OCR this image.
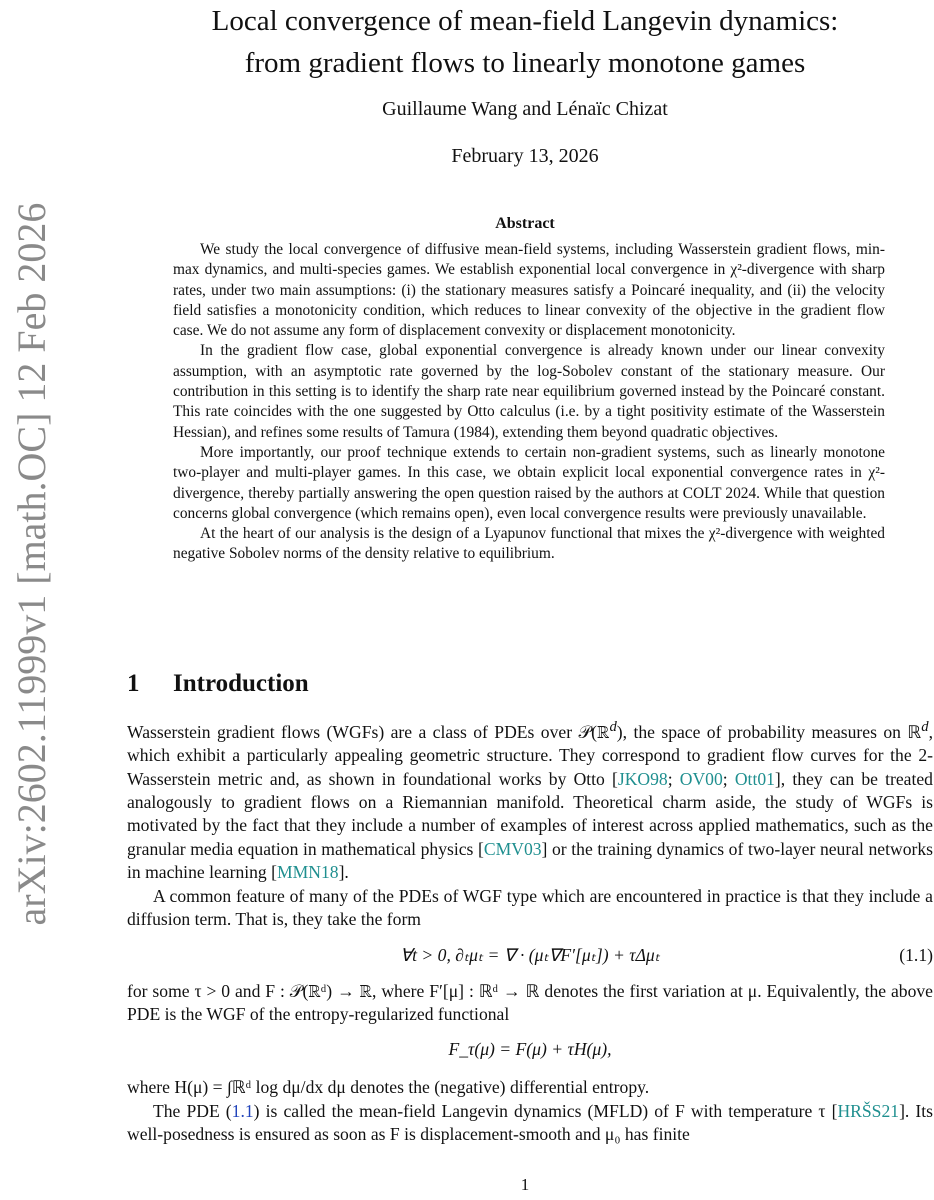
arXiv:2602.11999v1 [math.OC] 12 Feb 2026
Local convergence of mean-field Langevin dynamics:
from gradient flows to linearly monotone games
Guillaume Wang and Lénaïc Chizat
February 13, 2026
Abstract

We study the local convergence of diffusive mean-field systems, including Wasserstein gradient flows, min-max dynamics, and multi-species games. We establish exponential local convergence in χ²-divergence with sharp rates, under two main assumptions: (i) the stationary measures satisfy a Poincaré inequality, and (ii) the velocity field satisfies a monotonicity condition, which reduces to linear convexity of the objective in the gradient flow case. We do not assume any form of displacement convexity or displacement monotonicity.

In the gradient flow case, global exponential convergence is already known under our linear convexity assumption, with an asymptotic rate governed by the log-Sobolev constant of the stationary measure. Our contribution in this setting is to identify the sharp rate near equilibrium governed instead by the Poincaré constant. This rate coincides with the one suggested by Otto calculus (i.e. by a tight positivity estimate of the Wasserstein Hessian), and refines some results of Tamura (1984), extending them beyond quadratic objectives.

More importantly, our proof technique extends to certain non-gradient systems, such as linearly monotone two-player and multi-player games. In this case, we obtain explicit local exponential convergence rates in χ²-divergence, thereby partially answering the open question raised by the authors at COLT 2024. While that question concerns global convergence (which remains open), even local convergence results were previously unavailable.

At the heart of our analysis is the design of a Lyapunov functional that mixes the χ²-divergence with weighted negative Sobolev norms of the density relative to equilibrium.

1 Introduction

Wasserstein gradient flows (WGFs) are a class of PDEs over 𝒫(ℝ$^d$), the space of probability measures on ℝ$^d$, which exhibit a particularly appealing geometric structure. They correspond to gradient flow curves for the 2-Wasserstein metric and, as shown in foundational works by Otto [JKO98; OV00; Ott01], they can be treated analogously to gradient flows on a Riemannian manifold. Theoretical charm aside, the study of WGFs is motivated by the fact that they include a number of examples of interest across applied mathematics, such as the granular media equation in mathematical physics [CMV03] or the training dynamics of two-layer neural networks in machine learning [MMN18].

A common feature of many of the PDEs of WGF type which are encountered in practice is that they include a diffusion term. That is, they take the form

∀t > 0, ∂ₜμₜ = ∇ · (μₜ∇F′[μₜ]) + τΔμₜ	(1.1)

for some τ > 0 and F : 𝒫(ℝᵈ) → ℝ, where F′[μ] : ℝᵈ → ℝ denotes the first variation at μ. Equivalently, the above PDE is the WGF of the entropy-regularized functional

F_τ(μ) = F(μ) + τH(μ),

where H(μ) = ∫ℝᵈ log dμ/dx dμ denotes the (negative) differential entropy.

The PDE (1.1) is called the mean-field Langevin dynamics (MFLD) of F with temperature τ [HRŠS21]. Its well-posedness is ensured as soon as F is displacement-smooth and μ₀ has finite

1
